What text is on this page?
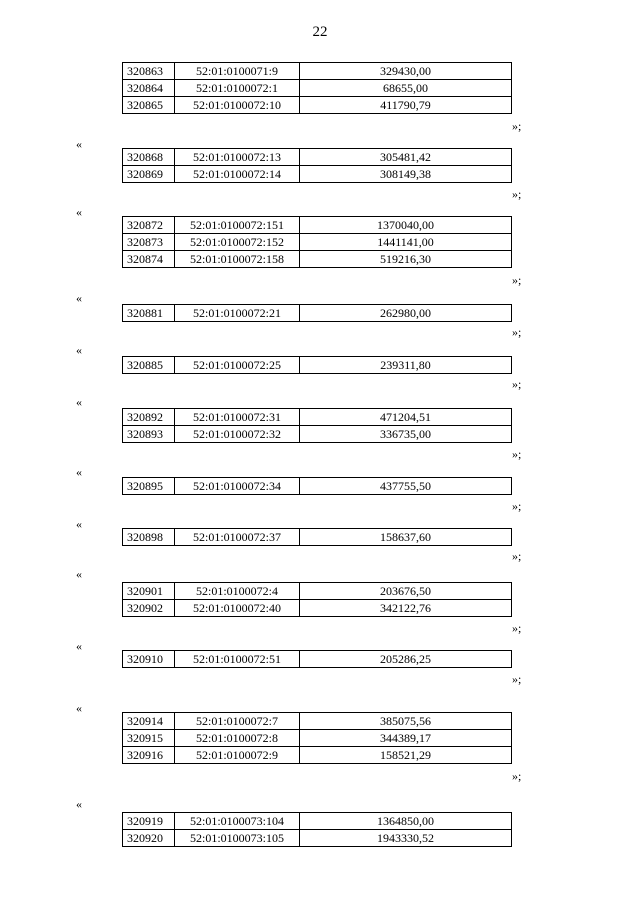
22
320863	52:01:0100071:9	329430,00
320864	52:01:0100072:1	68655,00
320865	52:01:0100072:10	411790,79
»;
«
320868	52:01:0100072:13	305481,42
320869	52:01:0100072:14	308149,38
»;
«
320872	52:01:0100072:151	1370040,00
320873	52:01:0100072:152	1441141,00
320874	52:01:0100072:158	519216,30
»;
«
320881	52:01:0100072:21	262980,00
»;
«
320885	52:01:0100072:25	239311,80
»;
«
320892	52:01:0100072:31	471204,51
320893	52:01:0100072:32	336735,00
»;
«
320895	52:01:0100072:34	437755,50
»;
«
320898	52:01:0100072:37	158637,60
»;
«
320901	52:01:0100072:4	203676,50
320902	52:01:0100072:40	342122,76
»;
«
320910	52:01:0100072:51	205286,25
»;
«
320914	52:01:0100072:7	385075,56
320915	52:01:0100072:8	344389,17
320916	52:01:0100072:9	158521,29
»;
«
320919	52:01:0100073:104	1364850,00
320920	52:01:0100073:105	1943330,52
